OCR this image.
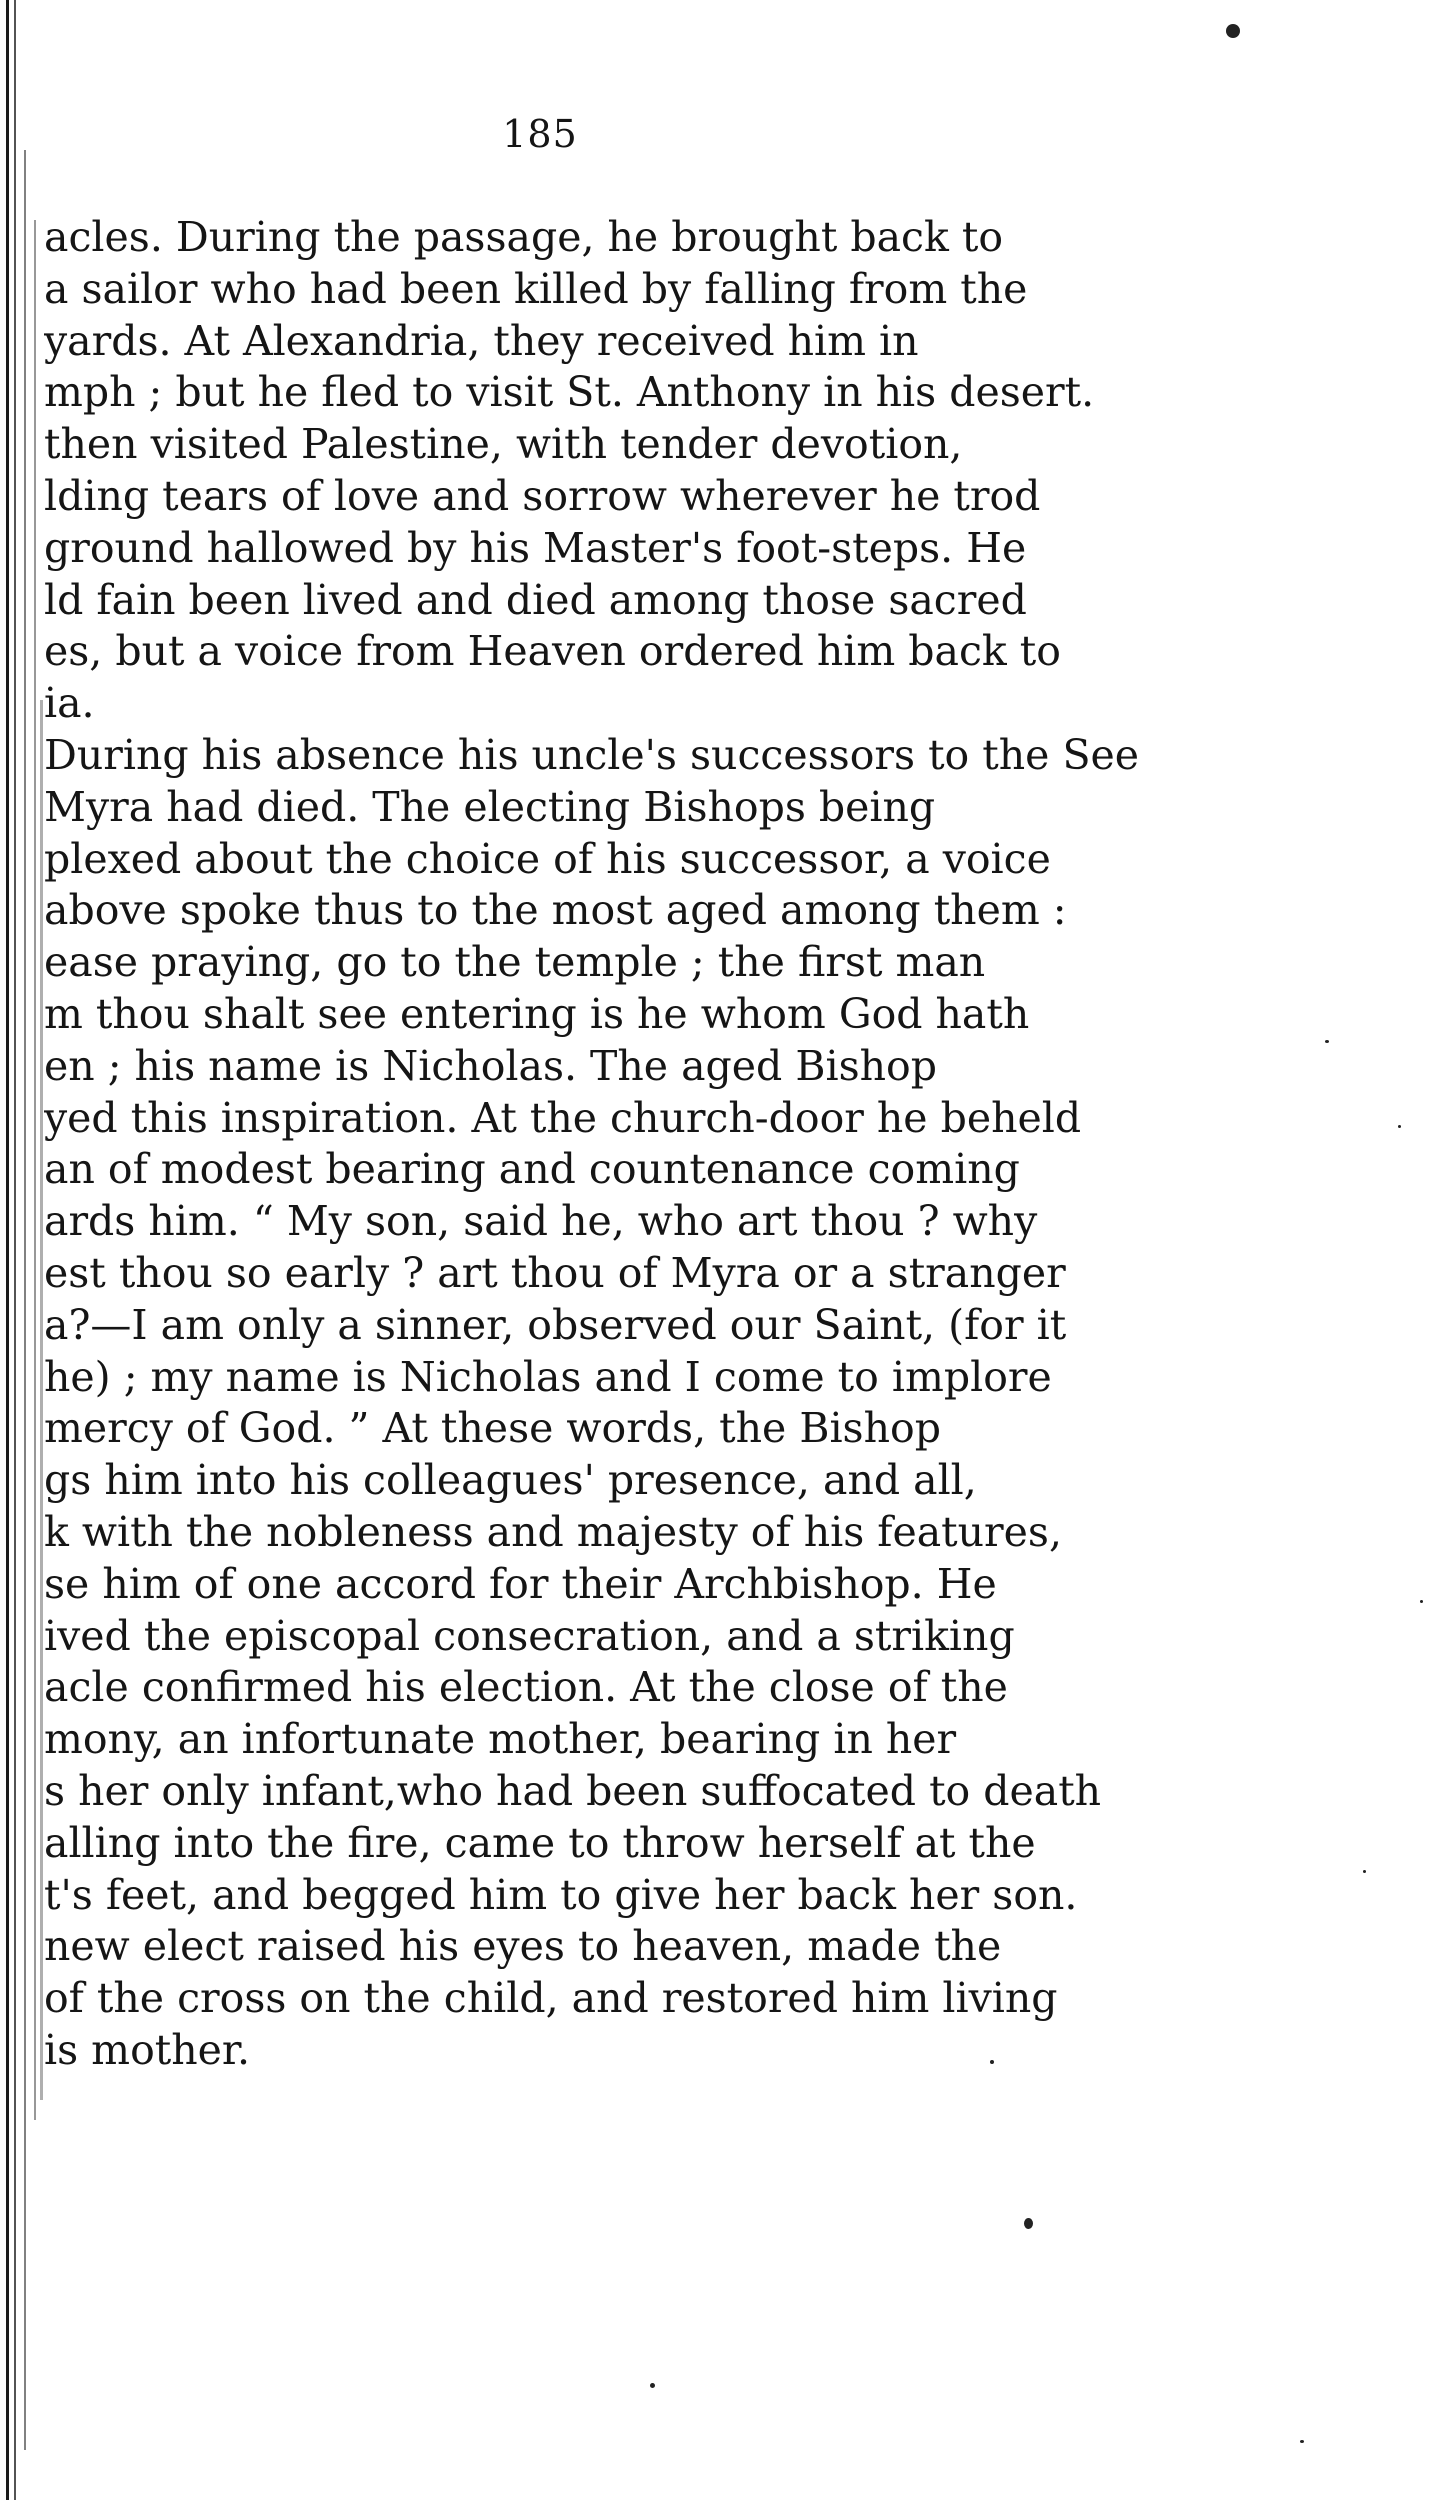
185
acles. During the passage, he brought back to
a sailor who had been killed by falling from the
yards. At Alexandria, they received him in
mph ; but he fled to visit St. Anthony in his desert.
then visited Palestine, with tender devotion,
lding tears of love and sorrow wherever he trod
ground hallowed by his Master's foot-steps. He
ld fain been lived and died among those sacred
es, but a voice from Heaven ordered him back to
ia.
During his absence his uncle's successors to the See
Myra had died. The electing Bishops being
plexed about the choice of his successor, a voice
above spoke thus to the most aged among them :
ease praying, go to the temple ; the first man
m thou shalt see entering is he whom God hath
en ; his name is Nicholas. The aged Bishop
yed this inspiration. At the church-door he beheld
an of modest bearing and countenance coming
ards him. “ My son, said he, who art thou ? why
est thou so early ? art thou of Myra or a stranger
a?—I am only a sinner, observed our Saint, (for it
he) ; my name is Nicholas and I come to implore
mercy of God. ” At these words, the Bishop
gs him into his colleagues' presence, and all,
k with the nobleness and majesty of his features,
se him of one accord for their Archbishop. He
ived the episcopal consecration, and a striking
acle confirmed his election. At the close of the
mony, an infortunate mother, bearing in her
s her only infant,who had been suffocated to death
alling into the fire, came to throw herself at the
t's feet, and begged him to give her back her son.
new elect raised his eyes to heaven, made the
of the cross on the child, and restored him living
is mother.
